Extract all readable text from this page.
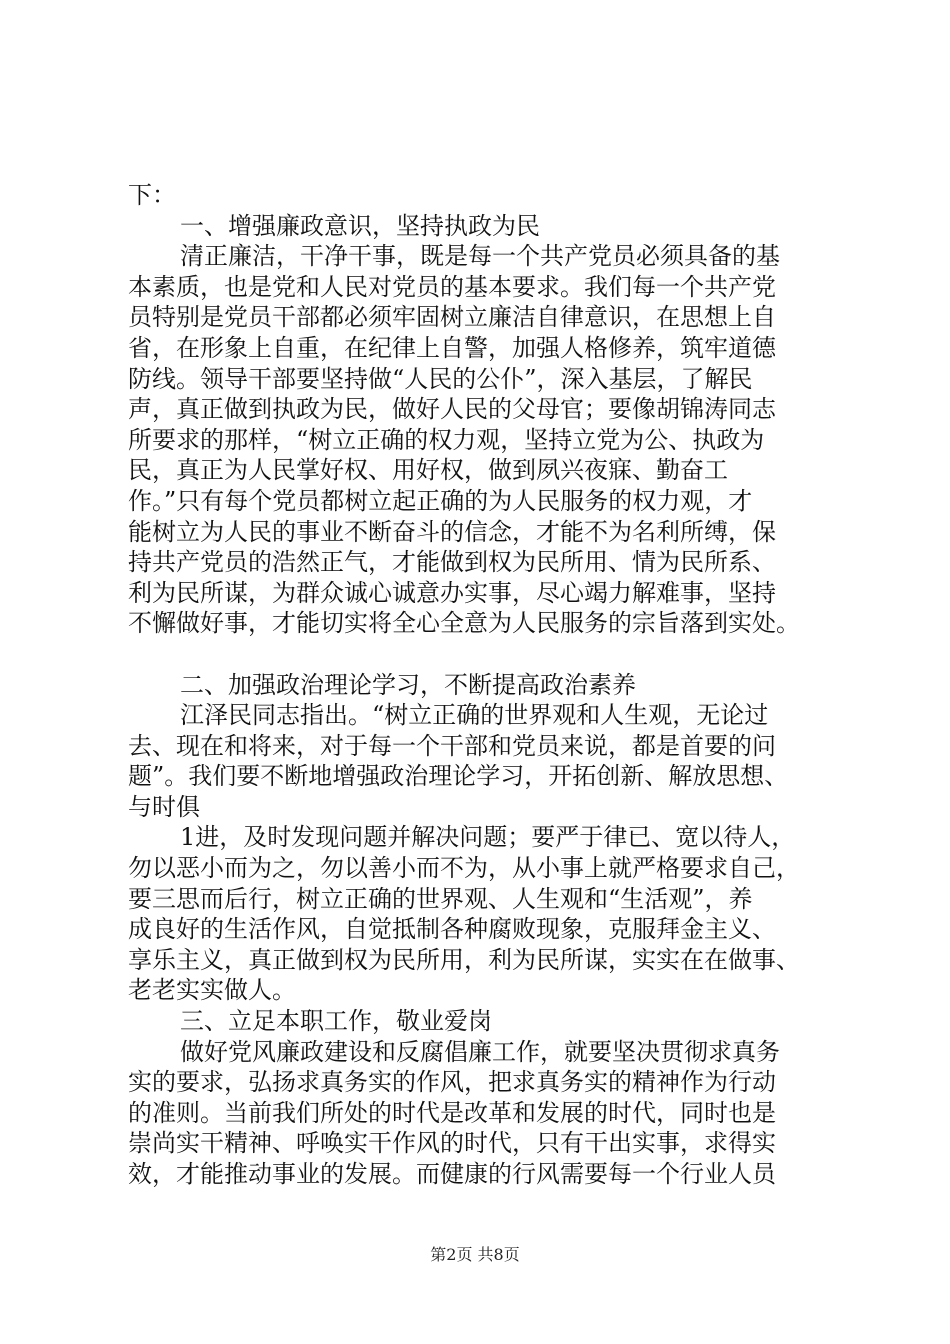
下：
一、增强廉政意识，坚持执政为民
清正廉洁，干净干事，既是每一个共产党员必须具备的基
本素质，也是党和人民对党员的基本要求。我们每一个共产党
员特别是党员干部都必须牢固树立廉洁自律意识，在思想上自
省，在形象上自重，在纪律上自警，加强人格修养，筑牢道德
防线。领导干部要坚持做“人民的公仆”，深入基层，了解民
声，真正做到执政为民，做好人民的父母官；要像胡锦涛同志
所要求的那样，“树立正确的权力观，坚持立党为公、执政为
民，真正为人民掌好权、用好权，做到夙兴夜寐、勤奋工
作。”只有每个党员都树立起正确的为人民服务的权力观，才
能树立为人民的事业不断奋斗的信念，才能不为名利所缚，保
持共产党员的浩然正气，才能做到权为民所用、情为民所系、
利为民所谋，为群众诚心诚意办实事，尽心竭力解难事，坚持
不懈做好事，才能切实将全心全意为人民服务的宗旨落到实处。
二、加强政治理论学习，不断提高政治素养
江泽民同志指出。“树立正确的世界观和人生观，无论过
去、现在和将来，对于每一个干部和党员来说，都是首要的问
题”。我们要不断地增强政治理论学习，开拓创新、解放思想、
与时俱
1进，及时发现问题并解决问题；要严于律已、宽以待人，
勿以恶小而为之，勿以善小而不为，从小事上就严格要求自己，
要三思而后行，树立正确的世界观、人生观和“生活观”，养
成良好的生活作风，自觉抵制各种腐败现象，克服拜金主义、
享乐主义，真正做到权为民所用，利为民所谋，实实在在做事、
老老实实做人。
三、立足本职工作，敬业爱岗
做好党风廉政建设和反腐倡廉工作，就要坚决贯彻求真务
实的要求，弘扬求真务实的作风，把求真务实的精神作为行动
的准则。当前我们所处的时代是改革和发展的时代，同时也是
崇尚实干精神、呼唤实干作风的时代，只有干出实事，求得实
效，才能推动事业的发展。而健康的行风需要每一个行业人员
第2页 共8页
